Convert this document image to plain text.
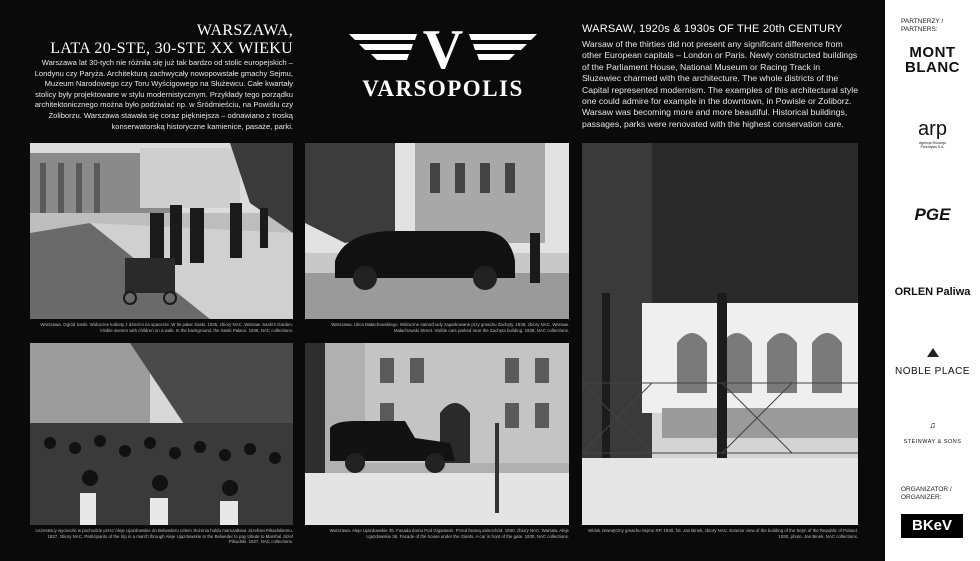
WARSZAWA,
LATA 20-STE, 30-STE XX WIEKU
Warszawa lat 30-tych nie różniła się już tak bardzo od stolic europejskich – Londynu czy Paryża. Architekturą zachwycały nowopowstałe gmachy Sejmu, Muzeum Narodowego czy Toru Wyścigowego na Służewcu. Całe kwartały stolicy były projektowane w stylu modernistycznym. Przykłady tego porządku architektonicznego można było podziwiać np. w Śródmieściu, na Powiślu czy Żoliborzu. Warszawa stawała się coraz piękniejsza – odnawiano z troską konserwatorską historyczne kamienice, pasaże, parki.
V
VARSOPOLIS
WARSAW, 1920s & 1930s OF THE 20th CENTURY
Warsaw of the thirties did not present any significant difference from other European capitals – London or Paris. Newly constructed buildings of the Parliament House, National Museum or Racing Track in Sluzewiec charmed with the architecture. The whole districts of the Capital represented modernism. The examples of this architectural style one could admire for example in the downtown, in Powisle or Zoliborz. Warsaw was becoming more and more beautiful. Historical buildings, passages, parks were renovated with the highest conservation care.
Warszawa. Ogród Saski. Widoczne kobiety z dziećmi na spacerze. W tle pałac Saski. 1935, zbiory NAC. Warsaw. Saski's Garden. Visible women with children on a walk. In the background, the Saski Palace. 1935, NAC collections.
Warszawa. Ulica Małachowskiego. Widoczne samochody zaparkowane przy gmachu Zachęty. 1938, zbiory NAC. Warsaw. Małachowski Street. Visible cars parked near the Zachęta building. 1938, NAC collections.
Uczestnicy wycieczki w pochodzie przez Aleje Ujazdowskie do Belwederu celem złożenia hołdu marszałkowi Józefowi Piłsudskiemu. 1927, zbiory NAC. Participants of the trip in a march through Aleje Ujazdowskie to the Belweder to pay tribute to Marshal Józef Piłsudski. 1927, NAC collections.
Warszawa. Aleje Ujazdowskie 36. Fasada domu Pod Gigantami. Przed bramą samochód. 1930, zbiory NAC. Warsaw. Aleje Ujazdowskie 36. Facade of the house under the Giants. A car in front of the gate. 1930, NAC collections.
Widok zewnętrzny gmachu Sejmu RP. 1930, fot. Jan Binek, zbiory NAC. Exterior view of the building of the Sejm of the Republic of Poland. 1930, photo. Jan Binek, NAC collections.
PARTNERZY / PARTNERS:
MONT BLANC
arp
Agencja Rozwoju Przemysłu S.A.
PGE
ORLEN Paliwa
NOBLE PLACE
♫
STEINWAY & SONS
ORGANIZATOR / ORGANIZER:
BKeV
